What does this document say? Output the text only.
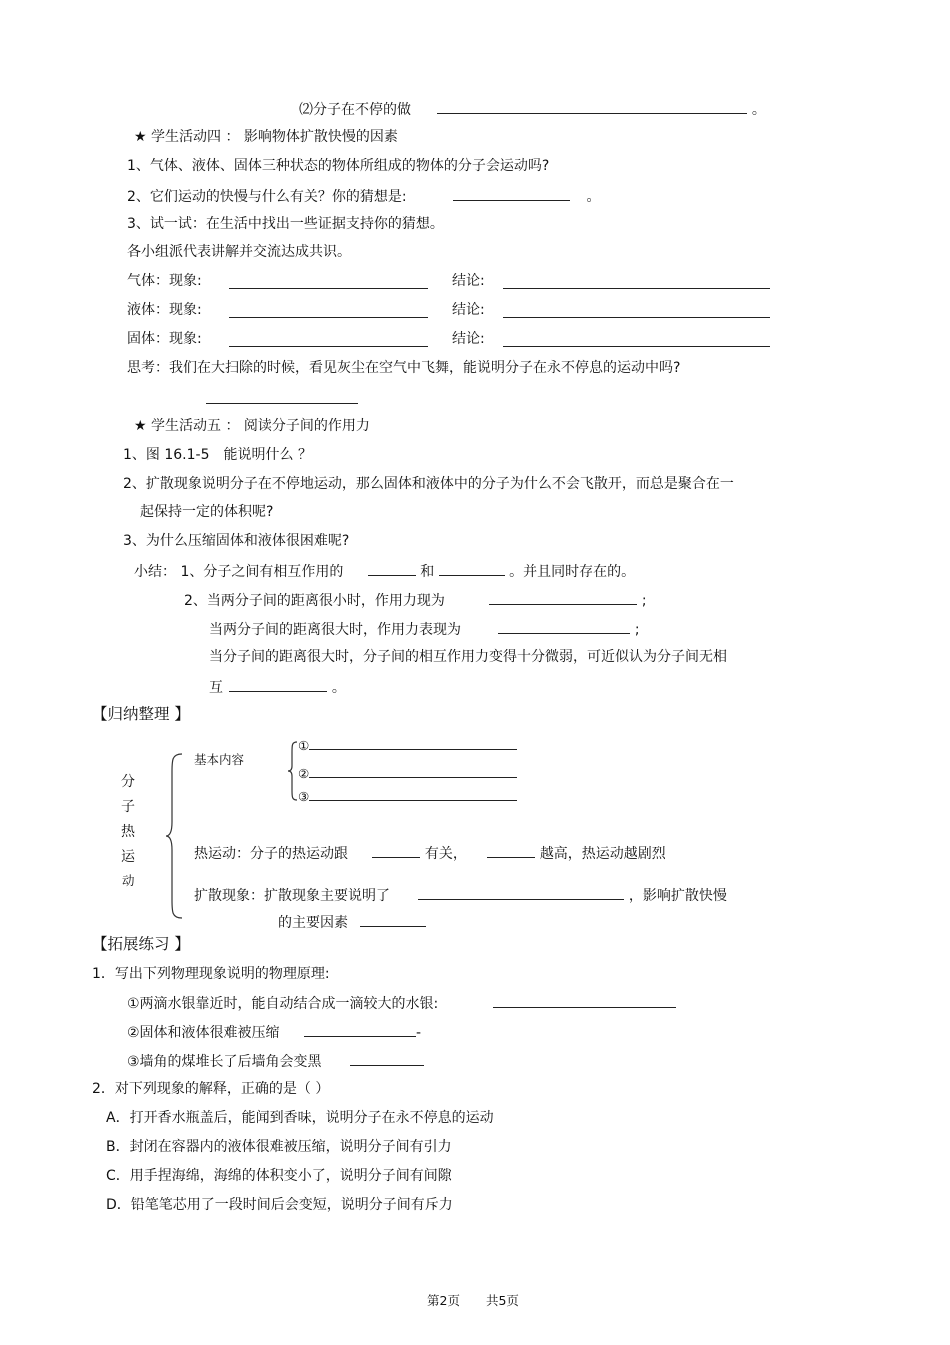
⑵分子在不停的做	。
★ 学生活动四 ： 影响物体扩散快慢的因素
1、气体、液体、固体三种状态的物体所组成的物体的分子会运动吗?
2、它们运动的快慢与什么有关？你的猜想是:	。
3、试一试：在生活中找出一些证据支持你的猜想。
各小组派代表讲解并交流达成共识。
气体：现象:	结论:
液体：现象:	结论:
固体：现象:	结论:
思考：我们在大扫除的时候，看见灰尘在空气中飞舞，能说明分子在永不停息的运动中吗?
★ 学生活动五 ： 阅读分子间的作用力
1、图 16.1-5　能说明什么 ？
2、扩散现象说明分子在不停地运动，那么固体和液体中的分子为什么不会飞散开，而总是聚合在一
起保持一定的体积呢?
3、为什么压缩固体和液体很困难呢?
小结： 1、分子之间有相互作用的	和	。并且同时存在的。
2、当两分子间的距离很小时，作用力现为	;
当两分子间的距离很大时，作用力表现为	;
当分子间的距离很大时，分子间的相互作用力变得十分微弱，可近似认为分子间无相
互	。
【归纳整理 】
分
子
热
运
动
基本内容
①
②
③
热运动：分子的热运动跟	有关，	越高，热运动越剧烈
扩散现象：扩散现象主要说明了	，影响扩散快慢
的主要因素
【拓展练习 】
1．写出下列物理现象说明的物理原理:
①两滴水银靠近时，能自动结合成一滴较大的水银:
②固体和液体很难被压缩	-
③墙角的煤堆长了后墙角会变黑
2．对下列现象的解释，正确的是（ ）
A．打开香水瓶盖后，能闻到香味，说明分子在永不停息的运动
B．封闭在容器内的液体很难被压缩，说明分子间有引力
C．用手捏海绵，海绵的体积变小了，说明分子间有间隙
D．铅笔笔芯用了一段时间后会变短，说明分子间有斥力
第2页 共5页
